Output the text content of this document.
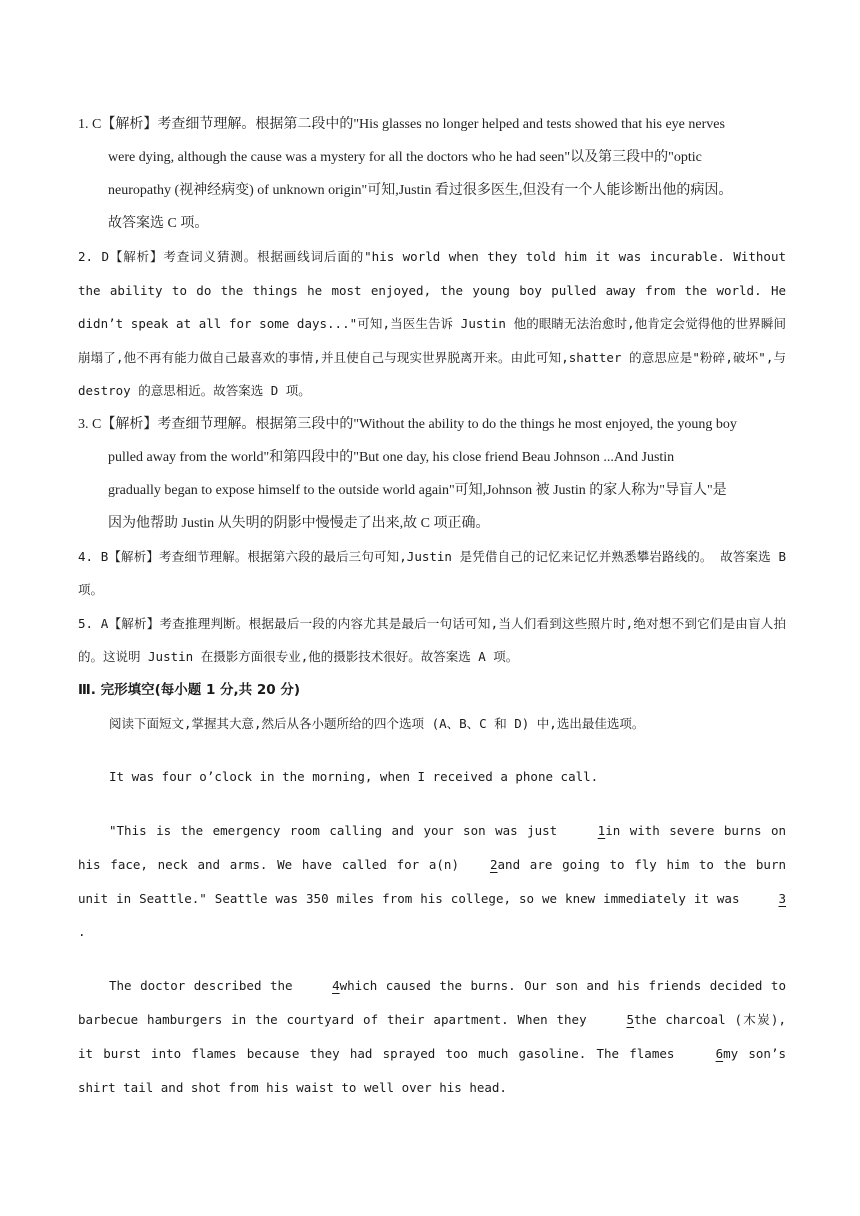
1. C【解析】考查细节理解。根据第二段中的"His glasses no longer helped and tests showed that his eye nerves

were dying, although the cause was a mystery for all the doctors who he had seen"以及第三段中的"optic

neuropathy (视神经病变) of unknown origin"可知,Justin 看过很多医生,但没有一个人能诊断出他的病因。

故答案选 C 项。

2. D【解析】考查词义猜测。根据画线词后面的"his world when they told him it was incurable. Without the ability to do the things he most enjoyed, the young boy pulled away from the world. He didn’t speak at all for some days..."可知,当医生告诉 Justin 他的眼睛无法治愈时,他肯定会觉得他的世界瞬间崩塌了,他不再有能力做自己最喜欢的事情,并且使自己与现实世界脱离开来。由此可知,shatter 的意思应是"粉碎,破坏",与 destroy 的意思相近。故答案选 D 项。

3. C【解析】考查细节理解。根据第三段中的"Without the ability to do the things he most enjoyed, the young boy

pulled away from the world"和第四段中的"But one day, his close friend Beau Johnson ...And Justin

gradually began to expose himself to the outside world again"可知,Johnson 被 Justin 的家人称为"导盲人"是

因为他帮助 Justin 从失明的阴影中慢慢走了出来,故 C 项正确。

4. B【解析】考查细节理解。根据第六段的最后三句可知,Justin 是凭借自己的记忆来记忆并熟悉攀岩路线的。 故答案选 B 项。

5. A【解析】考查推理判断。根据最后一段的内容尤其是最后一句话可知,当人们看到这些照片时,绝对想不到它们是由盲人拍的。这说明 Justin 在摄影方面很专业,他的摄影技术很好。故答案选 A 项。

Ⅲ. 完形填空(每小题 1 分,共 20 分)

阅读下面短文,掌握其大意,然后从各小题所给的四个选项 (A、B、C 和 D) 中,选出最佳选项。

It was four o’clock in the morning, when I received a phone call.

"This is the emergency room calling and your son was just 1in with severe burns on his face, neck and arms. We have called for a(n) 2and are going to fly him to the burn unit in Seattle." Seattle was 350 miles from his college, so we knew immediately it was 3.

The doctor described the 4which caused the burns. Our son and his friends decided to barbecue hamburgers in the courtyard of their apartment. When they 5the charcoal (木炭), it burst into flames because they had sprayed too much gasoline. The flames 6my son’s shirt tail and shot from his waist to well over his head.
